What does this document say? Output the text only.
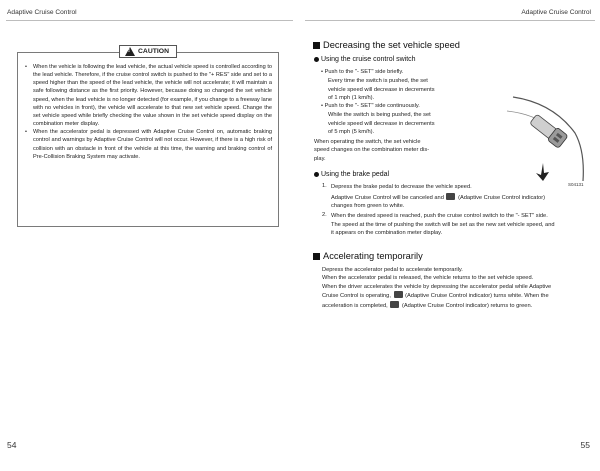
Adaptive Cruise Control	Adaptive Cruise Control
!
CAUTION
• When the vehicle is following the lead vehicle, the actual vehicle speed is controlled according to the lead vehicle. Therefore, if the cruise control switch is pushed to the "+ RES" side and set to a speed higher than the speed of the lead vehicle, the vehicle will not accelerate; it will maintain a safe following distance as the first priority. However, because doing so changed the set vehicle speed, when the lead vehicle is no longer detected (for example, if you change to a freeway lane with no vehicles in front), the vehicle will accelerate to that new set vehicle speed. Change the set vehicle speed while briefly checking the value shown in the set vehicle speed display on the combination meter display.
• When the accelerator pedal is depressed with Adaptive Cruise Control on, automatic braking control and warnings by Adaptive Cruise Control will not occur. However, if there is a high risk of collision with an obstacle in front of the vehicle at this time, the warning and braking control of Pre-Collision Braking System may activate.
Decreasing the set vehicle speed
Using the cruise control switch
• Push to the "- SET" side briefly.
Every time the switch is pushed, the set
vehicle speed will decrease in decrements
of 1 mph (1 km/h).
• Push to the "- SET" side continuously.
While the switch is being pushed, the set
vehicle speed will decrease in decrements
of 5 mph (5 km/h).
When operating the switch, the set vehicle
speed changes on the combination meter dis-
play.
S04131
Using the brake pedal
1. Depress the brake pedal to decrease the vehicle speed.
Adaptive Cruise Control will be canceled and (Adaptive Cruise Control indicator)
changes from green to white.
2. When the desired speed is reached, push the cruise control switch to the "- SET" side.
The speed at the time of pushing the switch will be set as the new set vehicle speed, and
it appears on the combination meter display.
Accelerating temporarily
Depress the accelerator pedal to accelerate temporarily.
When the accelerator pedal is released, the vehicle returns to the set vehicle speed.
When the driver accelerates the vehicle by depressing the accelerator pedal while Adaptive
Cruise Control is operating, (Adaptive Cruise Control indicator) turns white. When the
acceleration is completed, (Adaptive Cruise Control indicator) returns to green.
54	55
